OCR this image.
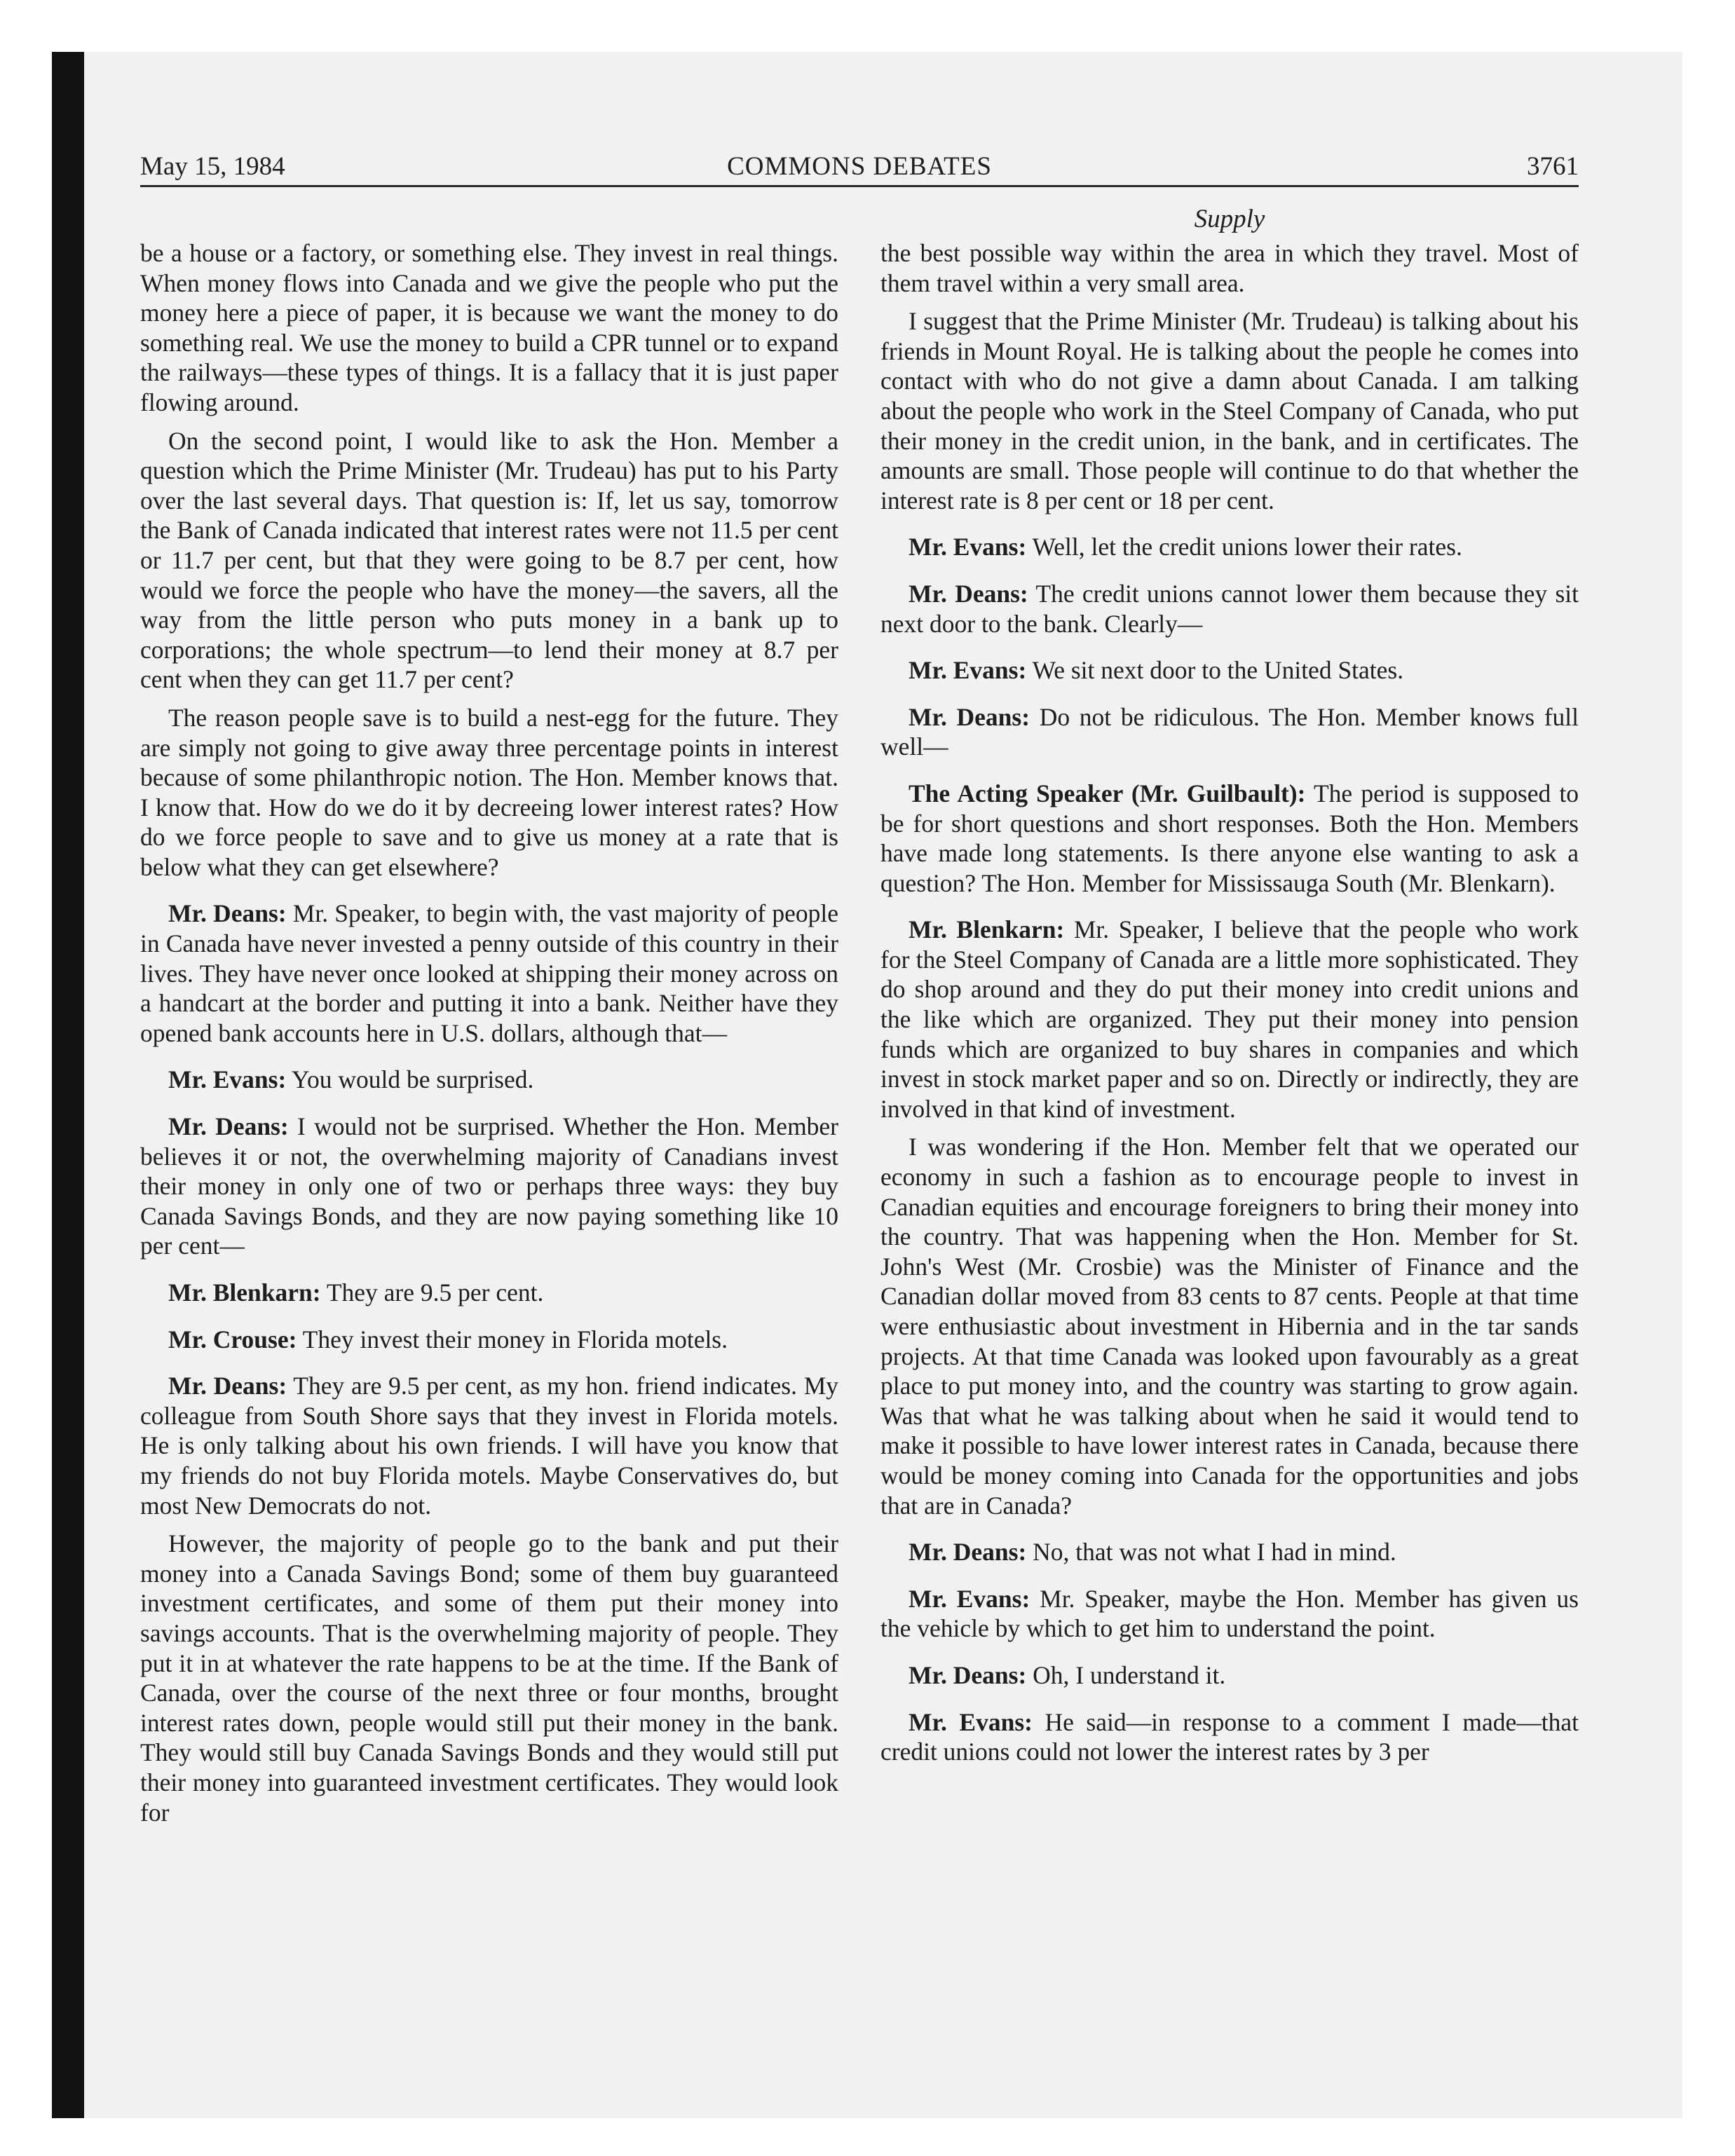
May 15, 1984	COMMONS DEBATES	3761
Supply

be a house or a factory, or something else. They invest in real things. When money flows into Canada and we give the people who put the money here a piece of paper, it is because we want the money to do something real. We use the money to build a CPR tunnel or to expand the railways—these types of things. It is a fallacy that it is just paper flowing around.

On the second point, I would like to ask the Hon. Member a question which the Prime Minister (Mr. Trudeau) has put to his Party over the last several days. That question is: If, let us say, tomorrow the Bank of Canada indicated that interest rates were not 11.5 per cent or 11.7 per cent, but that they were going to be 8.7 per cent, how would we force the people who have the money—the savers, all the way from the little person who puts money in a bank up to corporations; the whole spectrum—to lend their money at 8.7 per cent when they can get 11.7 per cent?

The reason people save is to build a nest-egg for the future. They are simply not going to give away three percentage points in interest because of some philanthropic notion. The Hon. Member knows that. I know that. How do we do it by decreeing lower interest rates? How do we force people to save and to give us money at a rate that is below what they can get elsewhere?

Mr. Deans: Mr. Speaker, to begin with, the vast majority of people in Canada have never invested a penny outside of this country in their lives. They have never once looked at shipping their money across on a handcart at the border and putting it into a bank. Neither have they opened bank accounts here in U.S. dollars, although that—

Mr. Evans: You would be surprised.

Mr. Deans: I would not be surprised. Whether the Hon. Member believes it or not, the overwhelming majority of Canadians invest their money in only one of two or perhaps three ways: they buy Canada Savings Bonds, and they are now paying something like 10 per cent—

Mr. Blenkarn: They are 9.5 per cent.

Mr. Crouse: They invest their money in Florida motels.

Mr. Deans: They are 9.5 per cent, as my hon. friend indicates. My colleague from South Shore says that they invest in Florida motels. He is only talking about his own friends. I will have you know that my friends do not buy Florida motels. Maybe Conservatives do, but most New Democrats do not.

However, the majority of people go to the bank and put their money into a Canada Savings Bond; some of them buy guaranteed investment certificates, and some of them put their money into savings accounts. That is the overwhelming majority of people. They put it in at whatever the rate happens to be at the time. If the Bank of Canada, over the course of the next three or four months, brought interest rates down, people would still put their money in the bank. They would still buy Canada Savings Bonds and they would still put their money into guaranteed investment certificates. They would look for

the best possible way within the area in which they travel. Most of them travel within a very small area.

I suggest that the Prime Minister (Mr. Trudeau) is talking about his friends in Mount Royal. He is talking about the people he comes into contact with who do not give a damn about Canada. I am talking about the people who work in the Steel Company of Canada, who put their money in the credit union, in the bank, and in certificates. The amounts are small. Those people will continue to do that whether the interest rate is 8 per cent or 18 per cent.

Mr. Evans: Well, let the credit unions lower their rates.

Mr. Deans: The credit unions cannot lower them because they sit next door to the bank. Clearly—

Mr. Evans: We sit next door to the United States.

Mr. Deans: Do not be ridiculous. The Hon. Member knows full well—

The Acting Speaker (Mr. Guilbault): The period is supposed to be for short questions and short responses. Both the Hon. Members have made long statements. Is there anyone else wanting to ask a question? The Hon. Member for Mississauga South (Mr. Blenkarn).

Mr. Blenkarn: Mr. Speaker, I believe that the people who work for the Steel Company of Canada are a little more sophisticated. They do shop around and they do put their money into credit unions and the like which are organized. They put their money into pension funds which are organized to buy shares in companies and which invest in stock market paper and so on. Directly or indirectly, they are involved in that kind of investment.

I was wondering if the Hon. Member felt that we operated our economy in such a fashion as to encourage people to invest in Canadian equities and encourage foreigners to bring their money into the country. That was happening when the Hon. Member for St. John's West (Mr. Crosbie) was the Minister of Finance and the Canadian dollar moved from 83 cents to 87 cents. People at that time were enthusiastic about investment in Hibernia and in the tar sands projects. At that time Canada was looked upon favourably as a great place to put money into, and the country was starting to grow again. Was that what he was talking about when he said it would tend to make it possible to have lower interest rates in Canada, because there would be money coming into Canada for the opportunities and jobs that are in Canada?

Mr. Deans: No, that was not what I had in mind.

Mr. Evans: Mr. Speaker, maybe the Hon. Member has given us the vehicle by which to get him to understand the point.

Mr. Deans: Oh, I understand it.

Mr. Evans: He said—in response to a comment I made—that credit unions could not lower the interest rates by 3 per
